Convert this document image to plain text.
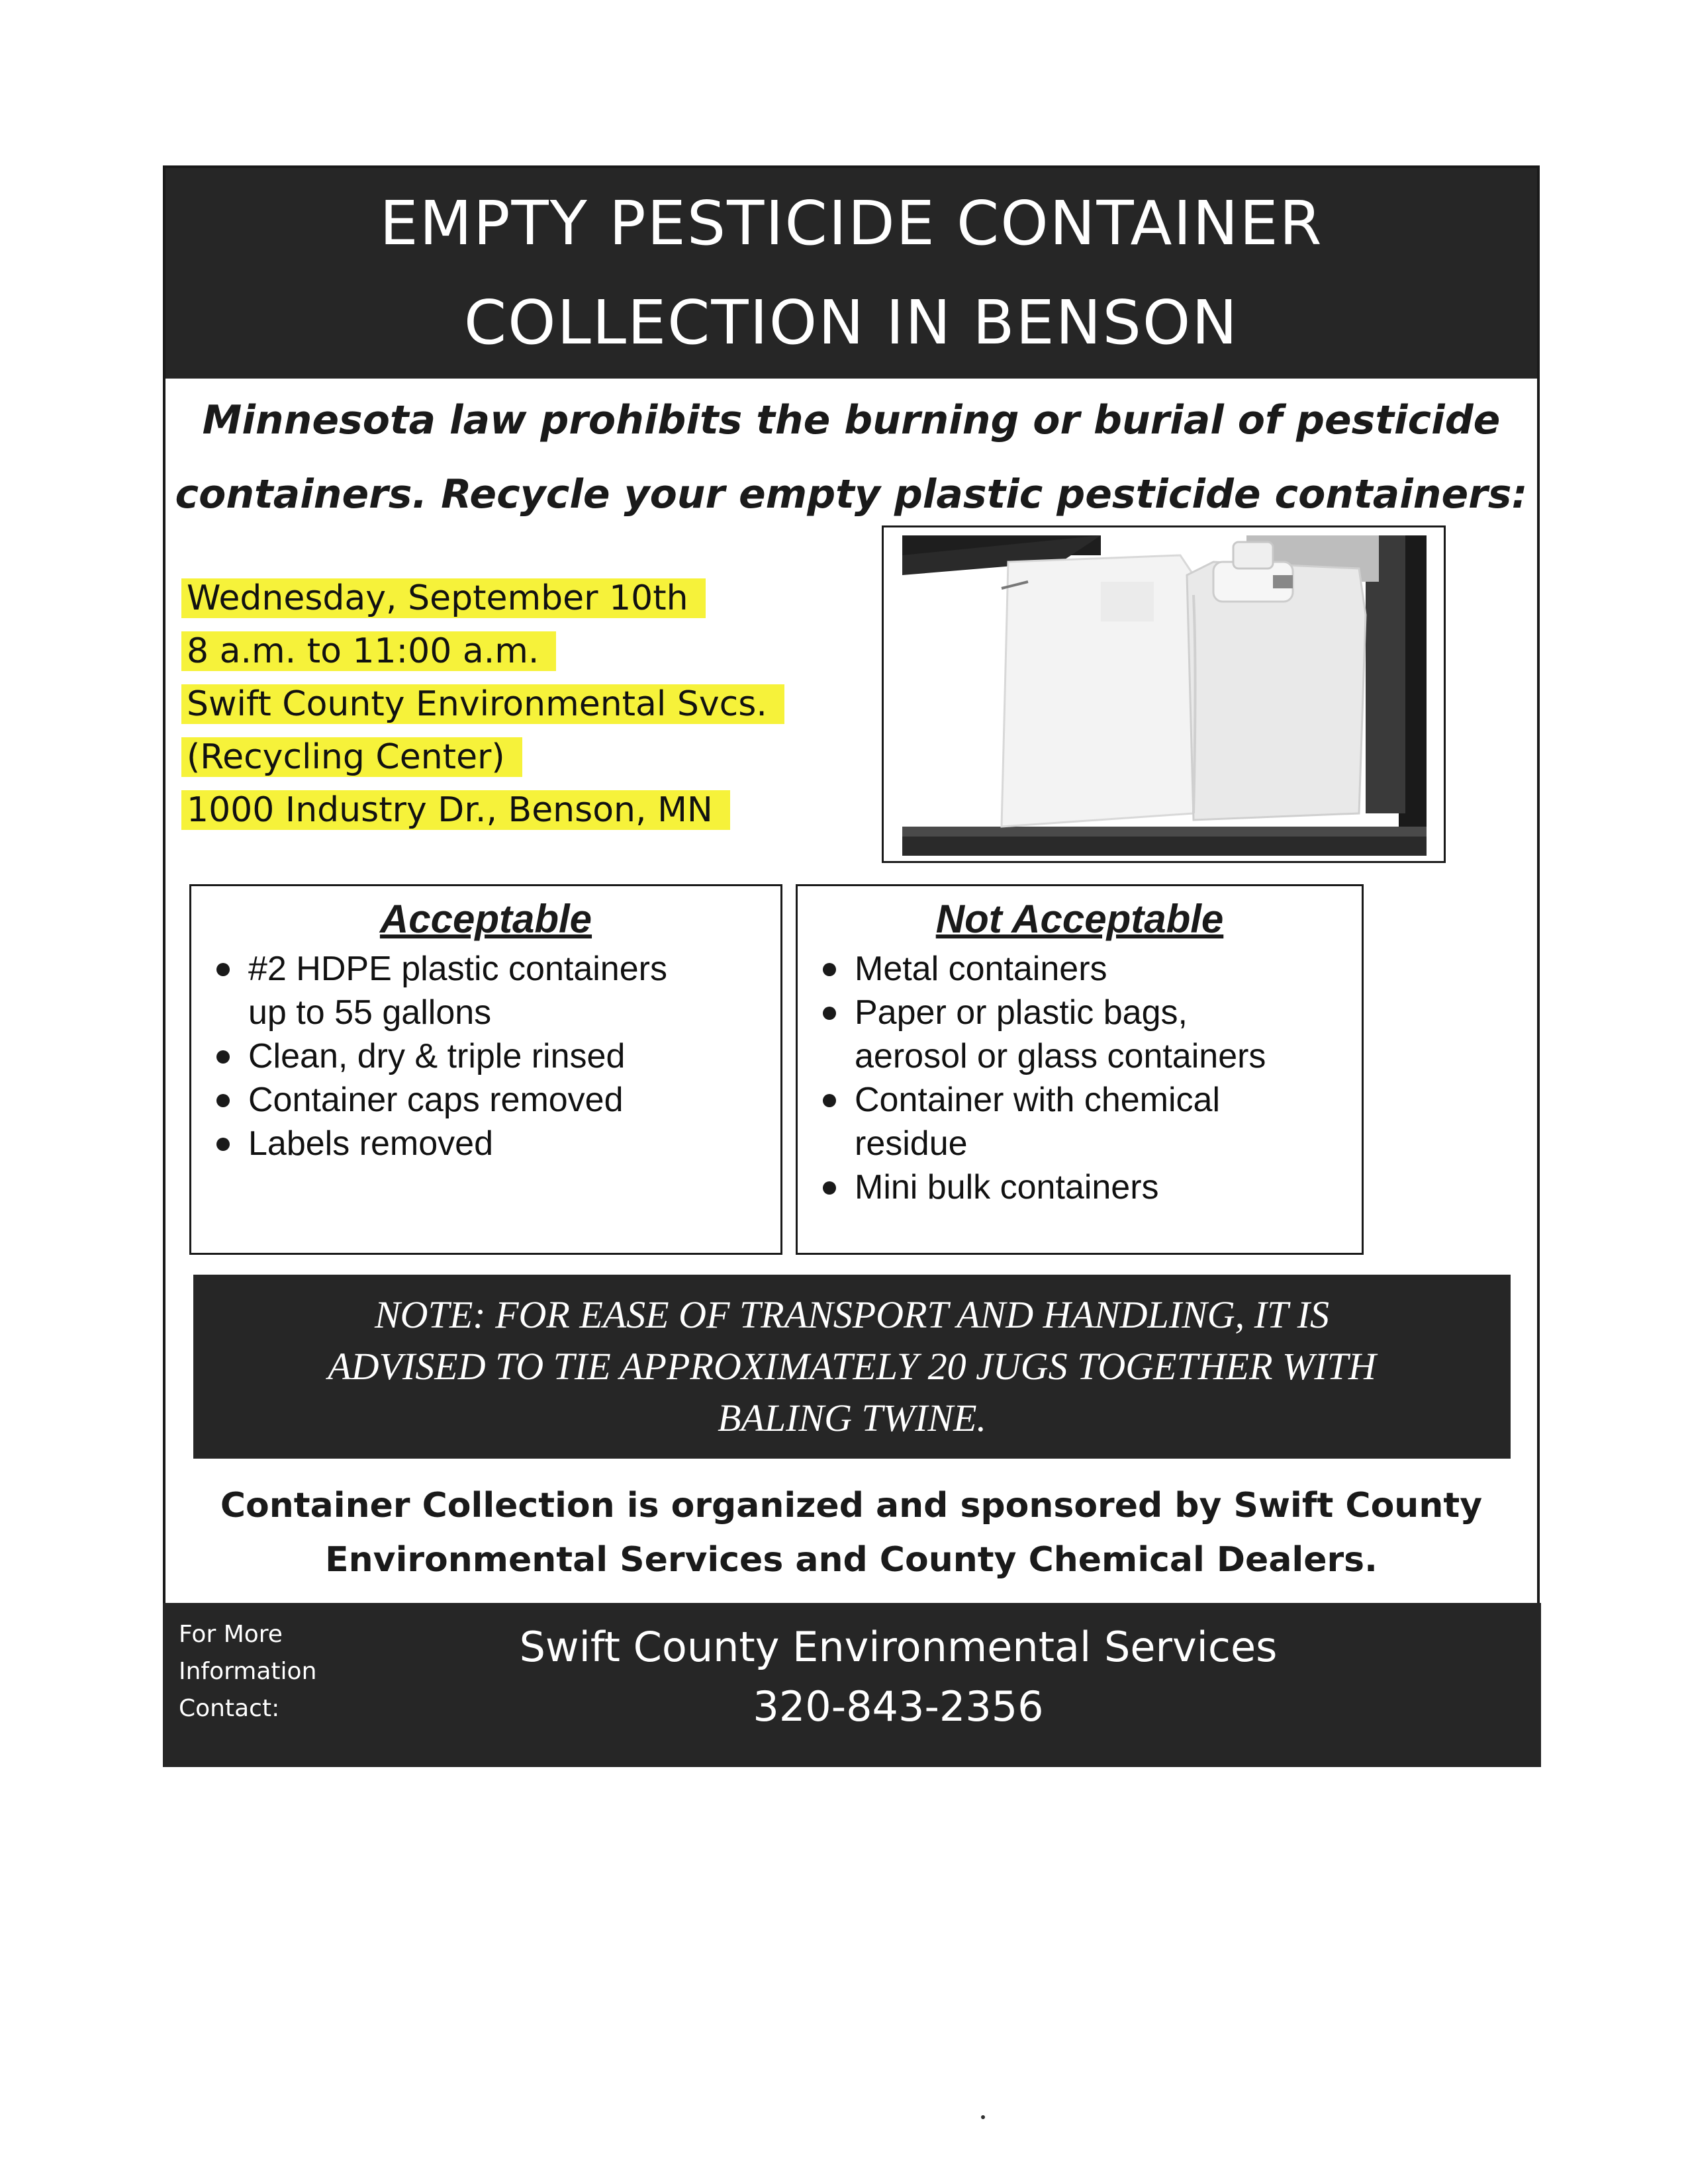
EMPTY PESTICIDE CONTAINER
COLLECTION IN BENSON
Minnesota law prohibits the burning or burial of pesticide
containers. Recycle your empty plastic pesticide containers:
Wednesday, September 10th
8 a.m. to 11:00 a.m.
Swift County Environmental Svcs.
(Recycling Center)
1000 Industry Dr., Benson, MN
Acceptable
#2 HDPE plastic containers
up to 55 gallons
Clean, dry & triple rinsed
Container caps removed
Labels removed
Not Acceptable
Metal containers
Paper or plastic bags,
aerosol or glass containers
Container with chemical
residue
Mini bulk containers
NOTE: FOR EASE OF TRANSPORT AND HANDLING, IT IS
ADVISED TO TIE APPROXIMATELY 20 JUGS TOGETHER WITH
BALING TWINE.
Container Collection is organized and sponsored by Swift County
Environmental Services and County Chemical Dealers.
For More
Information
Contact:
Swift County Environmental Services
320-843-2356
